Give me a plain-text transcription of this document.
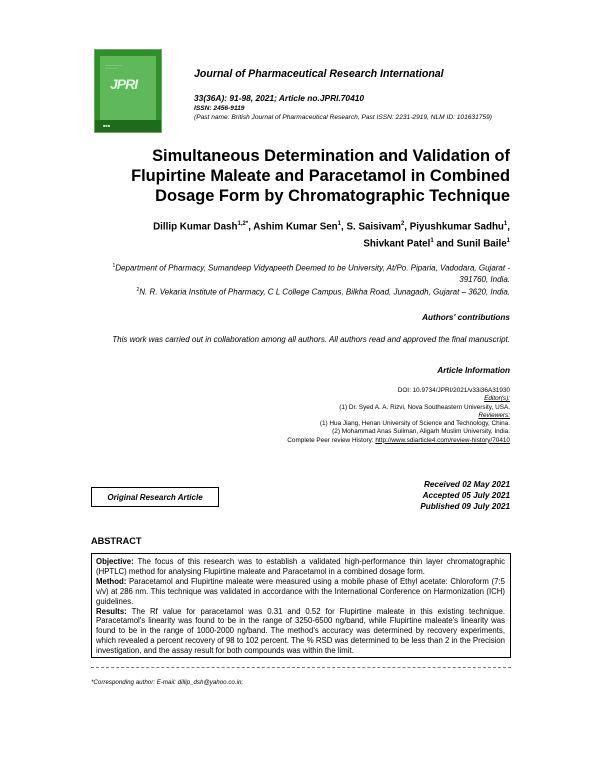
────────
──────
JPRI
■■■
Journal of Pharmaceutical Research International
33(36A): 91-98, 2021; Article no.JPRI.70410
ISSN: 2456-9119
(Past name: British Journal of Pharmaceutical Research, Past ISSN: 2231-2919, NLM ID: 101631759)
Simultaneous Determination and Validation of
Flupirtine Maleate and Paracetamol in Combined
Dosage Form by Chromatographic Technique
Dillip Kumar Dash$^{1,2*}$, Ashim Kumar Sen$^1$, S. Saisivam$^2$, Piyushkumar Sadhu$^1$,
Shivkant Patel$^1$ and Sunil Baile$^1$
$^1$Department of Pharmacy, Sumandeep Vidyapeeth Deemed to be University, At/Po. Piparia, Vadodara, Gujarat - 391760, India.
$^2$N. R. Vekaria Institute of Pharmacy, C L College Campus, Bilkha Road, Junagadh, Gujarat – 3620, India.
Authors' contributions
This work was carried out in collaboration among all authors. All authors read and approved the final manuscript.
Article Information
DOI: 10.9734/JPRI/2021/v33i36A31930
Editor(s):
(1) Dr. Syed A. A. Rizvi, Nova Southeastern University, USA.
Reviewers:
(1) Hua Jiang, Henan University of Science and Technology, China.
(2) Mohammad Anas Suliman, Aligarh Muslim University, India.
Complete Peer review History: http://www.sdiarticle4.com/review-history/70410
Original Research Article
Received 02 May 2021
Accepted 05 July 2021
Published 09 July 2021
ABSTRACT

Objective: The focus of this research was to establish a validated high-performance thin layer chromatographic (HPTLC) method for analysing Flupirtine maleate and Paracetamol in a combined dosage form.

Method: Paracetamol and Flupirtine maleate were measured using a mobile phase of Ethyl acetate: Chloroform (7:5 v/v) at 286 nm. This technique was validated in accordance with the International Conference on Harmonization (ICH) guidelines.

Results: The Rf value for paracetamol was 0.31 and 0.52 for Flupirtine maleate in this existing technique. Paracetamol's linearity was found to be in the range of 3250-6500 ng/band, while Flupirtine maleate's linearity was found to be in the range of 1000-2000 ng/band. The method's accuracy was determined by recovery experiments, which revealed a percent recovery of 98 to 102 percent. The % RSD was determined to be less than 2 in the Precision investigation, and the assay result for both compounds was within the limit.

*Corresponding author: E-mail: dillip_dsh@yahoo.co.in;
